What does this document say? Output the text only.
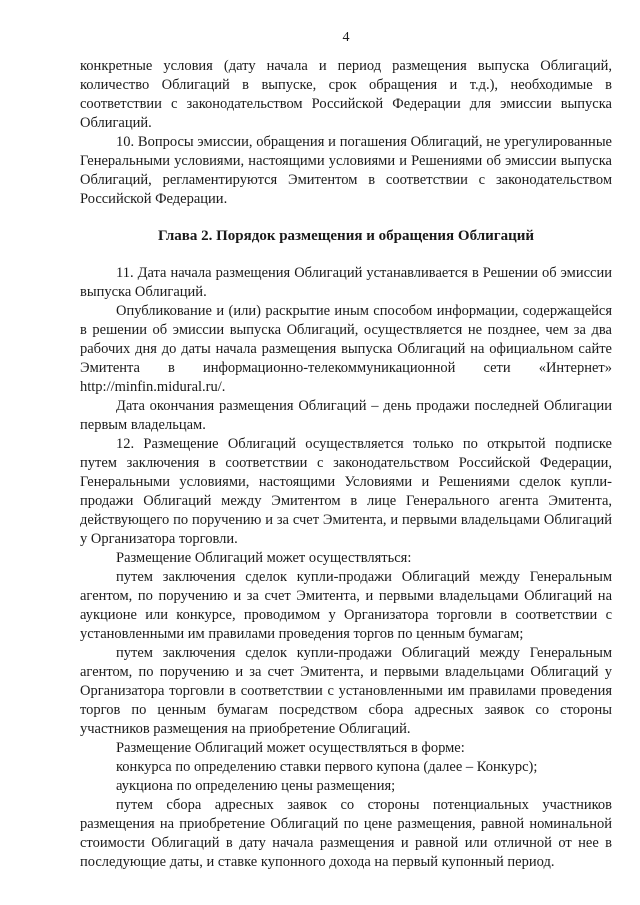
4

конкретные условия (дату начала и период размещения выпуска Облигаций, количество Облигаций в выпуске, срок обращения и т.д.), необходимые в соответствии с законодательством Российской Федерации для эмиссии выпуска Облигаций.

10. Вопросы эмиссии, обращения и погашения Облигаций, не урегулированные Генеральными условиями, настоящими условиями и Решениями об эмиссии выпуска Облигаций, регламентируются Эмитентом в соответствии с законодательством Российской Федерации.

Глава 2. Порядок размещения и обращения Облигаций

11. Дата начала размещения Облигаций устанавливается в Решении об эмиссии выпуска Облигаций.

Опубликование и (или) раскрытие иным способом информации, содержащейся в решении об эмиссии выпуска Облигаций, осуществляется не позднее, чем за два рабочих дня до даты начала размещения выпуска Облигаций на официальном сайте Эмитента в информационно-телекоммуникационной сети «Интернет» http://minfin.midural.ru/.

Дата окончания размещения Облигаций – день продажи последней Облигации первым владельцам.

12. Размещение Облигаций осуществляется только по открытой подписке путем заключения в соответствии с законодательством Российской Федерации, Генеральными условиями, настоящими Условиями и Решениями сделок купли-продажи Облигаций между Эмитентом в лице Генерального агента Эмитента, действующего по поручению и за счет Эмитента, и первыми владельцами Облигаций у Организатора торговли.

Размещение Облигаций может осуществляться:

путем заключения сделок купли-продажи Облигаций между Генеральным агентом, по поручению и за счет Эмитента, и первыми владельцами Облигаций на аукционе или конкурсе, проводимом у Организатора торговли в соответствии с установленными им правилами проведения торгов по ценным бумагам;

путем заключения сделок купли-продажи Облигаций между Генеральным агентом, по поручению и за счет Эмитента, и первыми владельцами Облигаций у Организатора торговли в соответствии с установленными им правилами проведения торгов по ценным бумагам посредством сбора адресных заявок со стороны участников размещения на приобретение Облигаций.

Размещение Облигаций может осуществляться в форме:

конкурса по определению ставки первого купона (далее – Конкурс);

аукциона по определению цены размещения;

путем сбора адресных заявок со стороны потенциальных участников размещения на приобретение Облигаций по цене размещения, равной номинальной стоимости Облигаций в дату начала размещения и равной или отличной от нее в последующие даты, и ставке купонного дохода на первый купонный период.
